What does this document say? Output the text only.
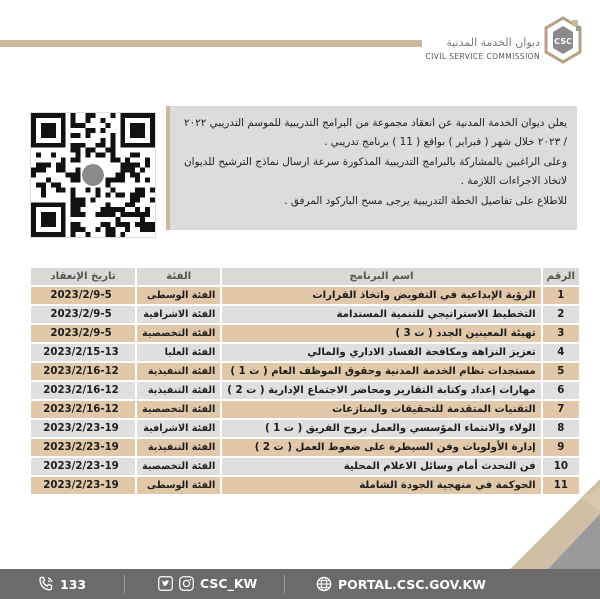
ديوان الخدمة المدنية
CIVIL SERVICE COMMISSION
CSC

يعلن ديوان الخدمة المدنية عن انعقاد مجموعة من البرامج التدريبية للموسم التدريبي ٢٠٢٢ / ٢٠٢٣ خلال شهر ( فبراير ) بواقع ( 11 ) برنامج تدريبي .

وعلى الراغبين بالمشاركة بالبرامج التدريبية المذكورة سرعة ارسال نماذج الترشيح للديوان لاتخاذ الاجراءات اللازمة .

للاطلاع على تفاصيل الخطة التدريبية يرجى مسح الباركود المرفق .

الرقم	اسم البرنامج	الفئة	تاريخ الإنعقاد
1	الرؤية الإبداعية في التفويض واتخاذ القرارات	الفئة الوسطى	2023/2/9-5
2	التخطيط الاستراتيجي للتنمية المستدامة	الفئة الاشرافية	2023/2/9-5
3	تهيئة المعينين الجدد ( ت 3 )	الفئة التخصصية	2023/2/9-5
4	تعزيز النزاهة ومكافحة الفساد الاداري والمالي	الفئة العليا	2023/2/15-13
5	مستجدات نظام الخدمة المدنية وحقوق الموظف العام ( ت 1 )	الفئة التنفيذية	2023/2/16-12
6	مهارات إعداد وكتابة التقارير ومحاضر الاجتماع الإدارية ( ت 2 )	الفئة التنفيذية	2023/2/16-12
7	التقنيات المتقدمة للتحقيقات والمنازعات	الفئة التخصصية	2023/2/16-12
8	الولاء والانتماء المؤسسي والعمل بروح الفريق ( ت 1 )	الفئة الاشرافية	2023/2/23-19
9	إدارة الأولويات وفن السيطرة على ضغوط العمل ( ت 2 )	الفئة التنفيذية	2023/2/23-19
10	فن التحدث أمام وسائل الاعلام المحلية	الفئة التخصصية	2023/2/23-19
11	الحوكمة في منهجية الجودة الشاملة	الفئة الوسطى	2023/2/23-19
133	CSC_KW	PORTAL.CSC.GOV.KW
